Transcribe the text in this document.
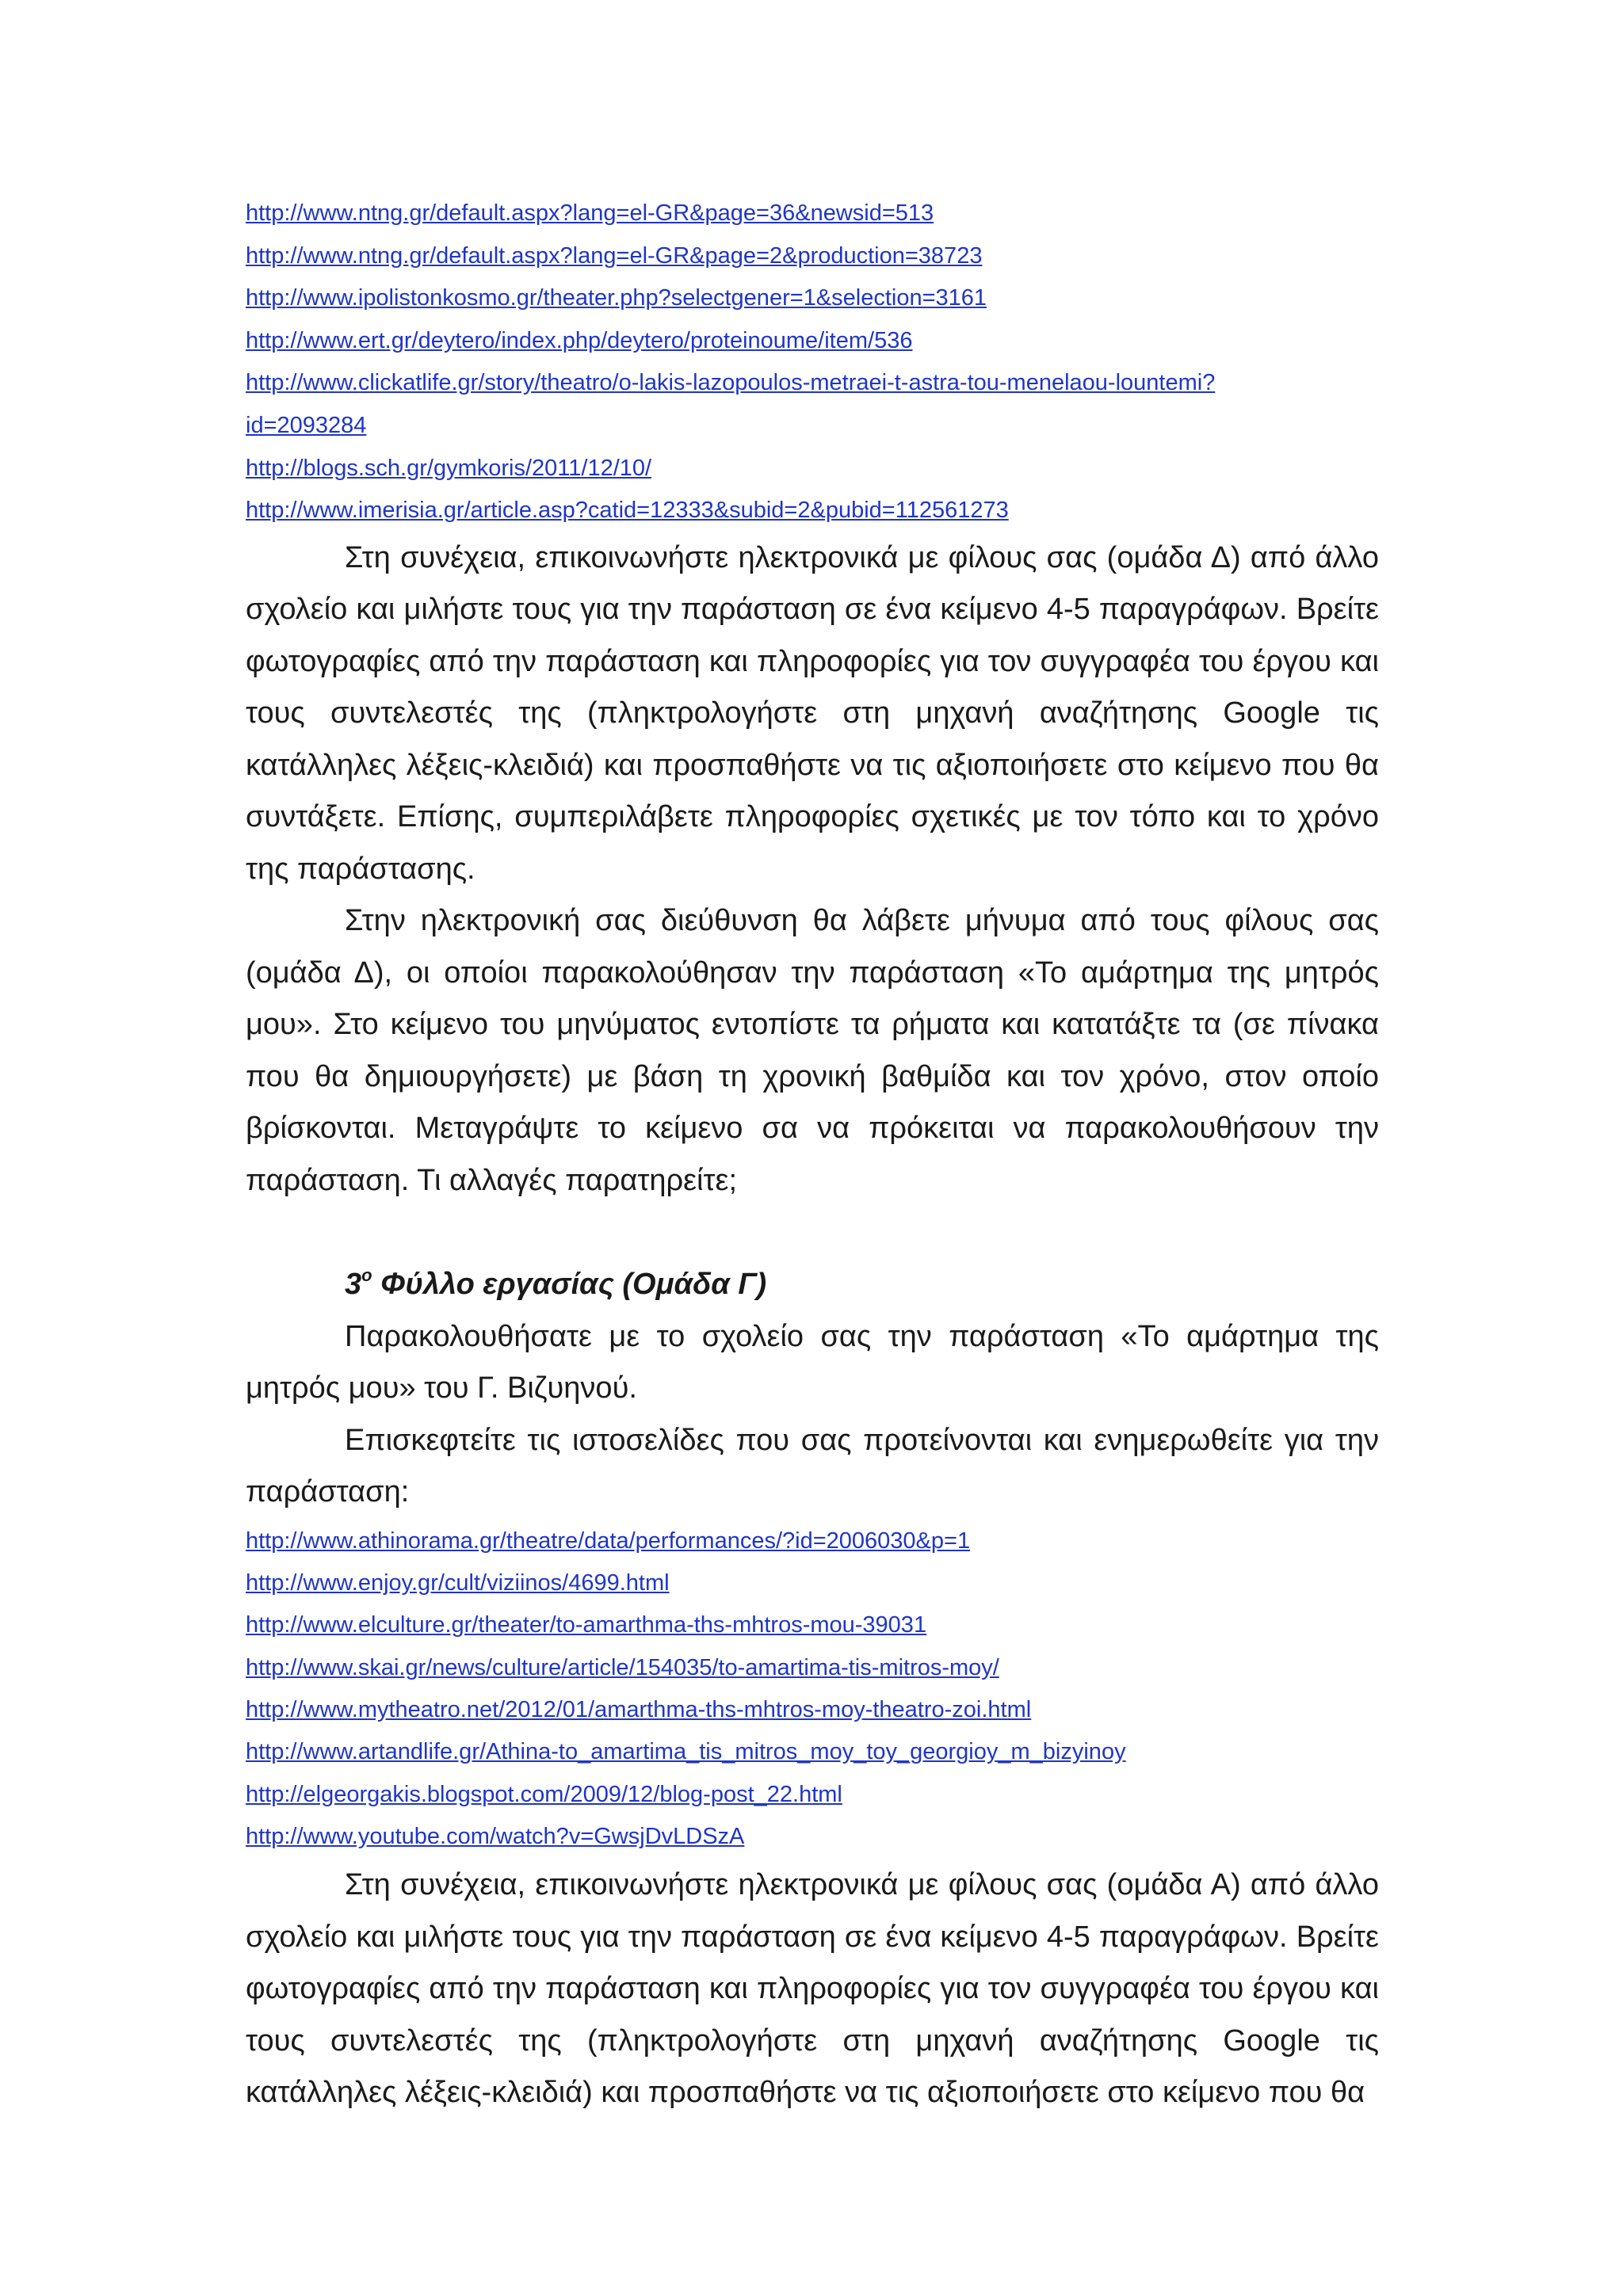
http://www.ntng.gr/default.aspx?lang=el-GR&page=36&newsid=513
http://www.ntng.gr/default.aspx?lang=el-GR&page=2&production=38723
http://www.ipolistonkosmo.gr/theater.php?selectgener=1&selection=3161
http://www.ert.gr/deytero/index.php/deytero/proteinoume/item/536
http://www.clickatlife.gr/story/theatro/o-lakis-lazopoulos-metraei-t-astra-tou-menelaou-lountemi?
id=2093284
http://blogs.sch.gr/gymkoris/2011/12/10/
http://www.imerisia.gr/article.asp?catid=12333&subid=2&pubid=112561273

Στη συνέχεια, επικοινωνήστε ηλεκτρονικά με φίλους σας (ομάδα Δ) από άλλο σχολείο και μιλήστε τους για την παράσταση σε ένα κείμενο 4-5 παραγράφων. Βρείτε φωτογραφίες από την παράσταση και πληροφορίες για τον συγγραφέα του έργου και τους συντελεστές της (πληκτρολογήστε στη μηχανή αναζήτησης Google τις κατάλληλες λέξεις-κλειδιά) και προσπαθήστε να τις αξιοποιήσετε στο κείμενο που θα συντάξετε. Επίσης, συμπεριλάβετε πληροφορίες σχετικές με τον τόπο και το χρόνο της παράστασης.

Στην ηλεκτρονική σας διεύθυνση θα λάβετε μήνυμα από τους φίλους σας (ομάδα Δ), οι οποίοι παρακολούθησαν την παράσταση «Το αμάρτημα της μητρός μου». Στο κείμενο του μηνύματος εντοπίστε τα ρήματα και κατατάξτε τα (σε πίνακα που θα δημιουργήσετε) με βάση τη χρονική βαθμίδα και τον χρόνο, στον οποίο βρίσκονται. Μεταγράψτε το κείμενο σα να πρόκειται να παρακολουθήσουν την παράσταση. Τι αλλαγές παρατηρείτε;

$3^o$ Φύλλο εργασίας (Ομάδα Γ)

Παρακολουθήσατε με το σχολείο σας την παράσταση «Το αμάρτημα της μητρός μου» του Γ. Βιζυηνού.

Επισκεφτείτε τις ιστοσελίδες που σας προτείνονται και ενημερωθείτε για την παράσταση:

http://www.athinorama.gr/theatre/data/performances/?id=2006030&p=1
http://www.enjoy.gr/cult/viziinos/4699.html
http://www.elculture.gr/theater/to-amarthma-ths-mhtros-mou-39031
http://www.skai.gr/news/culture/article/154035/to-amartima-tis-mitros-moy/
http://www.mytheatro.net/2012/01/amarthma-ths-mhtros-moy-theatro-zoi.html
http://www.artandlife.gr/Athina-to_amartima_tis_mitros_moy_toy_georgioy_m_bizyinoy
http://elgeorgakis.blogspot.com/2009/12/blog-post_22.html
http://www.youtube.com/watch?v=GwsjDvLDSzA

Στη συνέχεια, επικοινωνήστε ηλεκτρονικά με φίλους σας (ομάδα Α) από άλλο σχολείο και μιλήστε τους για την παράσταση σε ένα κείμενο 4-5 παραγράφων. Βρείτε φωτογραφίες από την παράσταση και πληροφορίες για τον συγγραφέα του έργου και τους συντελεστές της (πληκτρολογήστε στη μηχανή αναζήτησης Google τις κατάλληλες λέξεις-κλειδιά) και προσπαθήστε να τις αξιοποιήσετε στο κείμενο που θα
